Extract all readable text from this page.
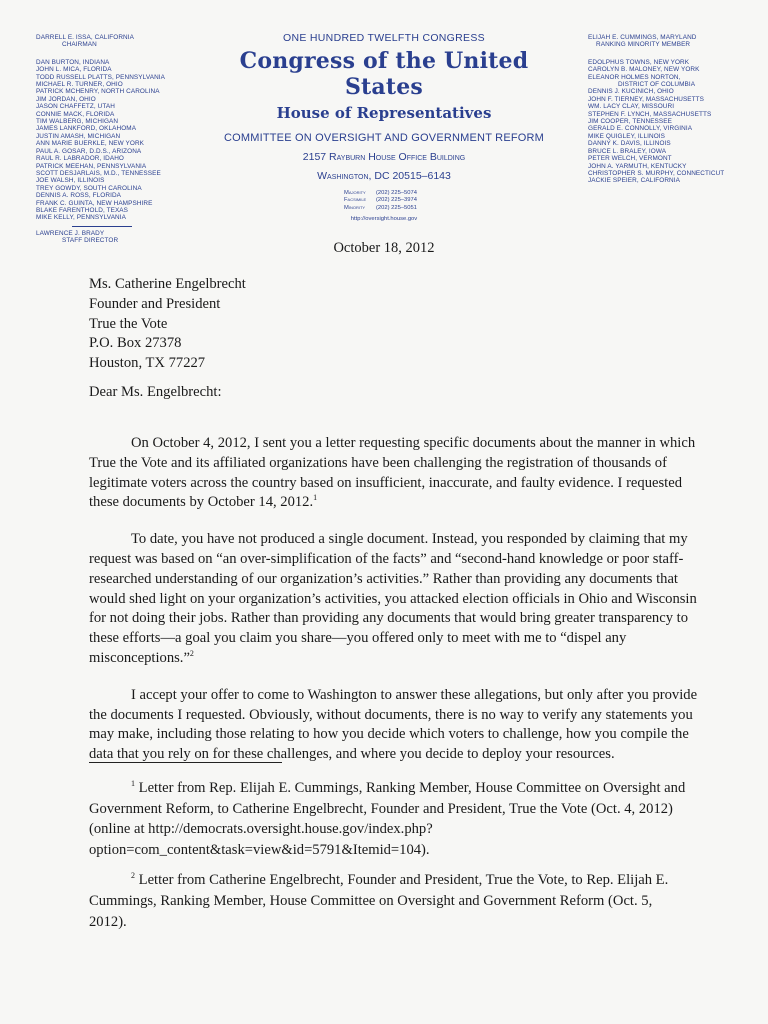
DARRELL E. ISSA, CALIFORNIA
CHAIRMAN
DAN BURTON, INDIANA
JOHN L. MICA, FLORIDA
TODD RUSSELL PLATTS, PENNSYLVANIA
MICHAEL R. TURNER, OHIO
PATRICK MCHENRY, NORTH CAROLINA
JIM JORDAN, OHIO
JASON CHAFFETZ, UTAH
CONNIE MACK, FLORIDA
TIM WALBERG, MICHIGAN
JAMES LANKFORD, OKLAHOMA
JUSTIN AMASH, MICHIGAN
ANN MARIE BUERKLE, NEW YORK
PAUL A. GOSAR, D.D.S., ARIZONA
RAUL R. LABRADOR, IDAHO
PATRICK MEEHAN, PENNSYLVANIA
SCOTT DESJARLAIS, M.D., TENNESSEE
JOE WALSH, ILLINOIS
TREY GOWDY, SOUTH CAROLINA
DENNIS A. ROSS, FLORIDA
FRANK C. GUINTA, NEW HAMPSHIRE
BLAKE FARENTHOLD, TEXAS
MIKE KELLY, PENNSYLVANIA
LAWRENCE J. BRADY
STAFF DIRECTOR
ONE HUNDRED TWELFTH CONGRESS
Congress of the United States
House of Representatives
COMMITTEE ON OVERSIGHT AND GOVERNMENT REFORM
2157 Rayburn House Office Building
Washington, DC 20515–6143
Majority (202) 225–5074
Facsimile (202) 225–3974
Minority (202) 225–5051
http://oversight.house.gov
ELIJAH E. CUMMINGS, MARYLAND
RANKING MINORITY MEMBER
EDOLPHUS TOWNS, NEW YORK
CAROLYN B. MALONEY, NEW YORK
ELEANOR HOLMES NORTON,
DISTRICT OF COLUMBIA
DENNIS J. KUCINICH, OHIO
JOHN F. TIERNEY, MASSACHUSETTS
WM. LACY CLAY, MISSOURI
STEPHEN F. LYNCH, MASSACHUSETTS
JIM COOPER, TENNESSEE
GERALD E. CONNOLLY, VIRGINIA
MIKE QUIGLEY, ILLINOIS
DANNY K. DAVIS, ILLINOIS
BRUCE L. BRALEY, IOWA
PETER WELCH, VERMONT
JOHN A. YARMUTH, KENTUCKY
CHRISTOPHER S. MURPHY, CONNECTICUT
JACKIE SPEIER, CALIFORNIA
October 18, 2012
Ms. Catherine Engelbrecht
Founder and President
True the Vote
P.O. Box 27378
Houston, TX 77227
Dear Ms. Engelbrecht:

On October 4, 2012, I sent you a letter requesting specific documents about the manner in which True the Vote and its affiliated organizations have been challenging the registration of thousands of legitimate voters across the country based on insufficient, inaccurate, and faulty evidence. I requested these documents by October 14, 2012.$^1$

To date, you have not produced a single document. Instead, you responded by claiming that my request was based on “an over-simplification of the facts” and “second-hand knowledge or poor staff-researched understanding of our organization’s activities.” Rather than providing any documents that would shed light on your organization’s activities, you attacked election officials in Ohio and Wisconsin for not doing their jobs. Rather than providing any documents that would bring greater transparency to these efforts—a goal you claim you share—you offered only to meet with me to “dispel any misconceptions.”$^2$

I accept your offer to come to Washington to answer these allegations, but only after you provide the documents I requested. Obviously, without documents, there is no way to verify any statements you may make, including those relating to how you decide which voters to challenge, how you compile the data that you rely on for these challenges, and where you decide to deploy your resources.

$^1$ Letter from Rep. Elijah E. Cummings, Ranking Member, House Committee on Oversight and Government Reform, to Catherine Engelbrecht, Founder and President, True the Vote (Oct. 4, 2012) (online at http://democrats.oversight.house.gov/index.php?option=com_content&task=view&id=5791&Itemid=104).

$^2$ Letter from Catherine Engelbrecht, Founder and President, True the Vote, to Rep. Elijah E. Cummings, Ranking Member, House Committee on Oversight and Government Reform (Oct. 5, 2012).
